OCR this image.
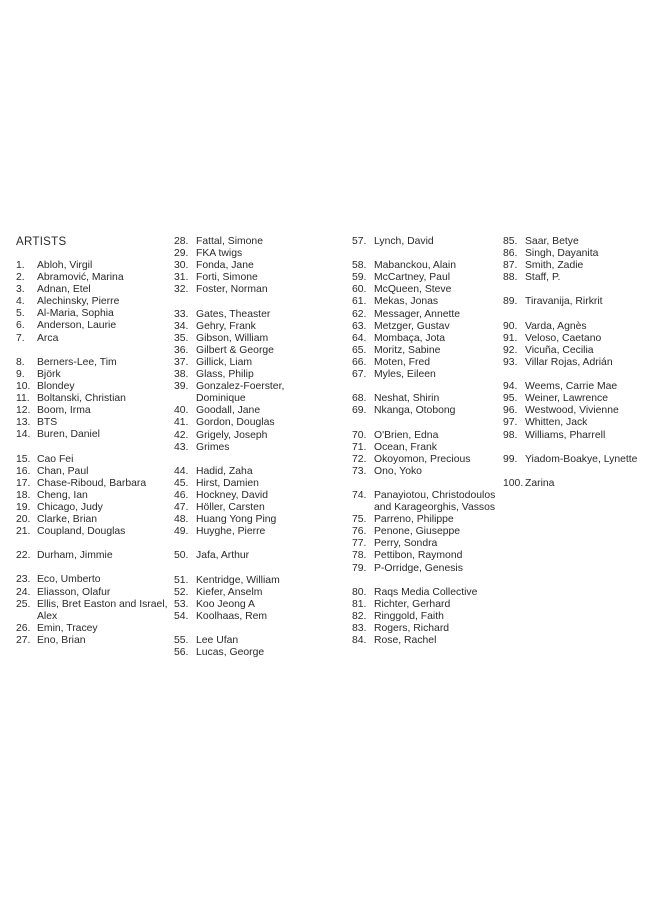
ARTISTS
1.	Abloh, Virgil
2.	Abramović, Marina
3.	Adnan, Etel
4.	Alechinsky, Pierre
5.	Al-Maria, Sophia
6.	Anderson, Laurie
7.	Arca
8.	Berners-Lee, Tim
9.	Björk
10. Blondey
11. Boltanski, Christian
12. Boom, Irma
13. BTS
14. Buren, Daniel
15. Cao Fei
16. Chan, Paul
17. Chase-Riboud, Barbara
18. Cheng, Ian
19. Chicago, Judy
20. Clarke, Brian
21. Coupland, Douglas
22. Durham, Jimmie
23. Eco, Umberto
24. Eliasson, Olafur
25. Ellis, Bret Easton and Israel, Alex
26. Emin, Tracey
27. Eno, Brian
28. Fattal, Simone
29. FKA twigs
30. Fonda, Jane
31. Forti, Simone
32. Foster, Norman
33. Gates, Theaster
34. Gehry, Frank
35. Gibson, William
36. Gilbert & George
37. Gillick, Liam
38. Glass, Philip
39. Gonzalez-Foerster, Dominique
40. Goodall, Jane
41. Gordon, Douglas
42. Grigely, Joseph
43. Grimes
44. Hadid, Zaha
45. Hirst, Damien
46. Hockney, David
47. Höller, Carsten
48. Huang Yong Ping
49. Huyghe, Pierre
50. Jafa, Arthur
51. Kentridge, William
52. Kiefer, Anselm
53. Koo Jeong A
54. Koolhaas, Rem
55. Lee Ufan
56. Lucas, George
57. Lynch, David
58. Mabanckou, Alain
59. McCartney, Paul
60. McQueen, Steve
61. Mekas, Jonas
62. Messager, Annette
63. Metzger, Gustav
64. Mombaça, Jota
65. Moritz, Sabine
66. Moten, Fred
67. Myles, Eileen
68. Neshat, Shirin
69. Nkanga, Otobong
70. O'Brien, Edna
71. Ocean, Frank
72. Okoyomon, Precious
73. Ono, Yoko
74. Panayiotou, Christodoulos and Karageorghis, Vassos
75. Parreno, Philippe
76. Penone, Giuseppe
77. Perry, Sondra
78. Pettibon, Raymond
79. P-Orridge, Genesis
80. Raqs Media Collective
81. Richter, Gerhard
82. Ringgold, Faith
83. Rogers, Richard
84. Rose, Rachel
85. Saar, Betye
86. Singh, Dayanita
87. Smith, Zadie
88. Staff, P.
89. Tiravanija, Rirkrit
90. Varda, Agnès
91. Veloso, Caetano
92. Vicuña, Cecilia
93. Villar Rojas, Adrián
94. Weems, Carrie Mae
95. Weiner, Lawrence
96. Westwood, Vivienne
97. Whitten, Jack
98. Williams, Pharrell
99. Yiadom-Boakye, Lynette
100. Zarina
